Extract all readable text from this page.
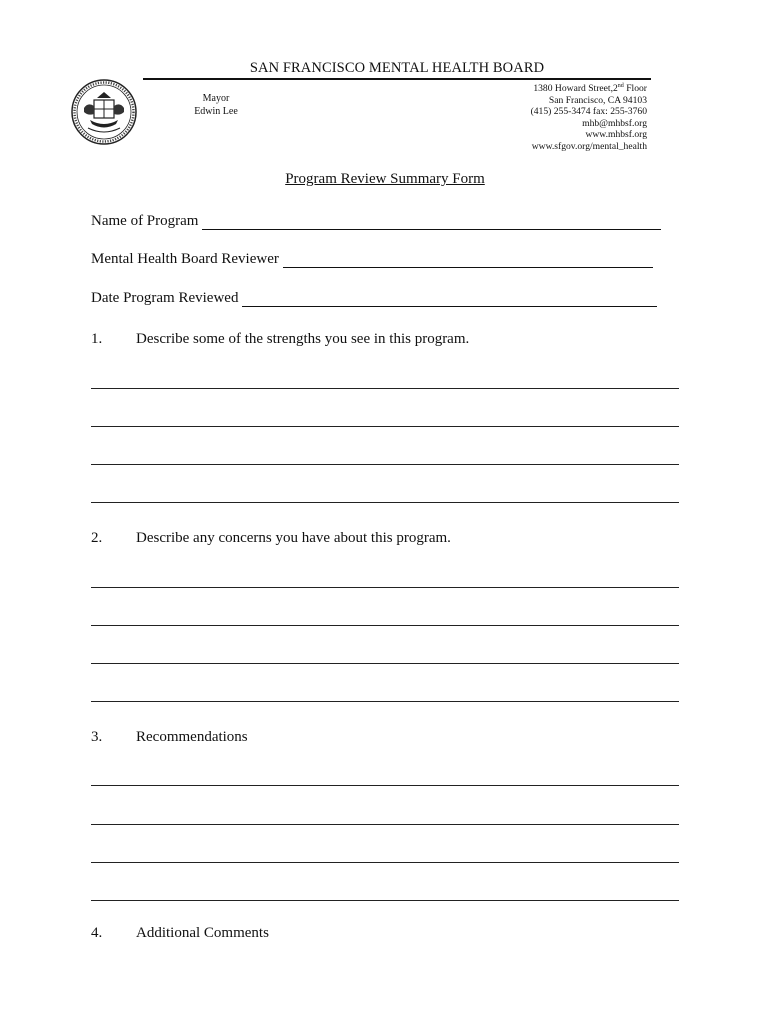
SAN FRANCISCO MENTAL HEALTH BOARD
Mayor
Edwin Lee
1380 Howard Street,2nd Floor
San Francisco, CA 94103
(415) 255-3474 fax: 255-3760
mhb@mhbsf.org
www.mhbsf.org
www.sfgov.org/mental_health
Program Review Summary Form
Name of Program
Mental Health Board Reviewer
Date Program Reviewed
1. Describe some of the strengths you see in this program.
2. Describe any concerns you have about this program.
3. Recommendations
4. Additional Comments
